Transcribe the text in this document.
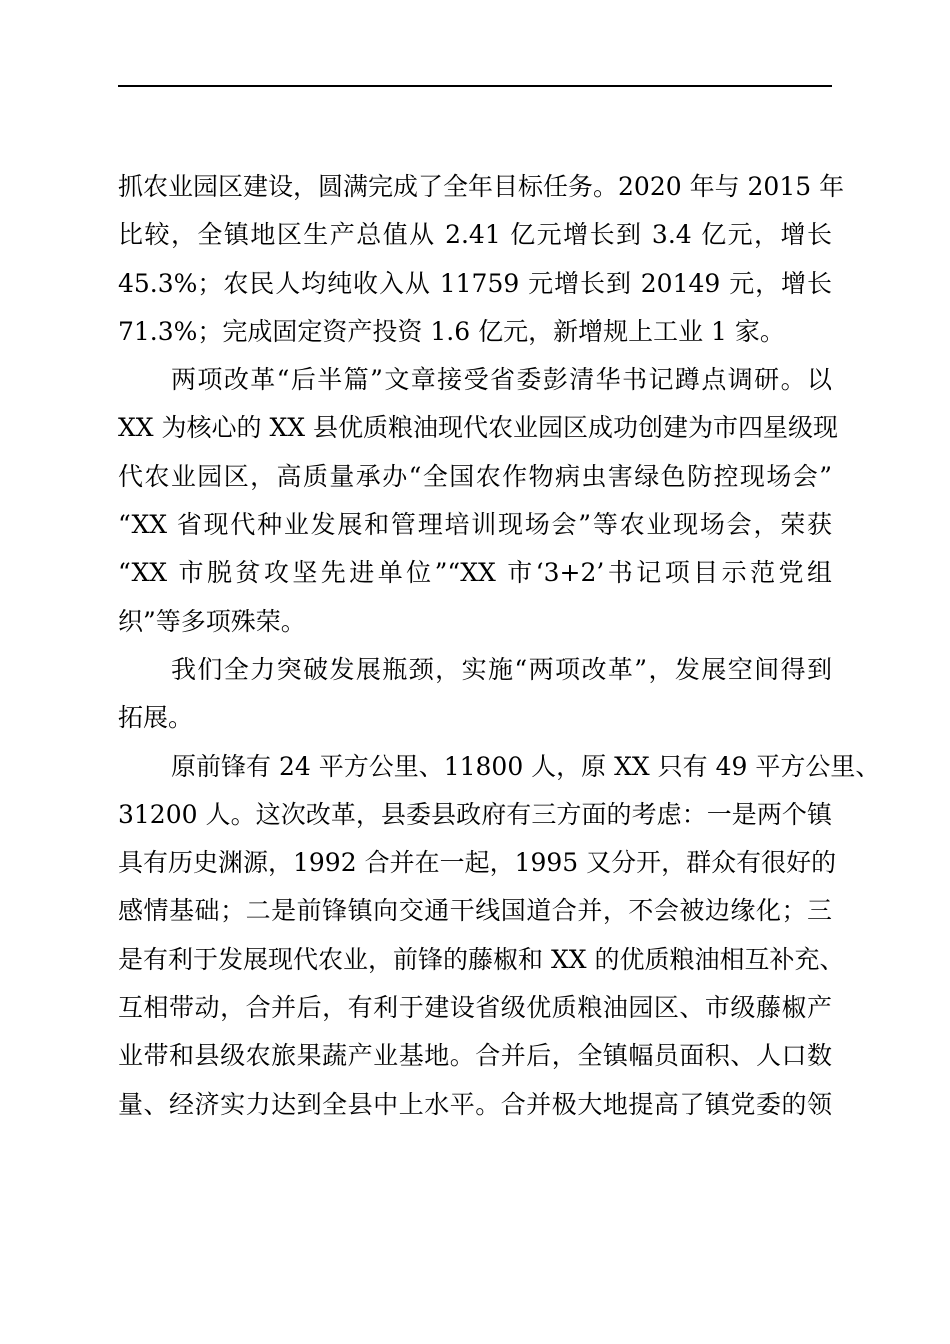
抓农业园区建设，圆满完成了全年目标任务。2020 年与 2015 年
比较，全镇地区生产总值从 2.41 亿元增长到 3.4 亿元，增长
45.3%；农民人均纯收入从 11759 元增长到 20149 元，增长
71.3%；完成固定资产投资 1.6 亿元，新增规上工业 1 家。
两项改革“后半篇”文章接受省委彭清华书记蹲点调研。以
XX 为核心的 XX 县优质粮油现代农业园区成功创建为市四星级现
代农业园区，高质量承办“全国农作物病虫害绿色防控现场会”
“XX 省现代种业发展和管理培训现场会”等农业现场会，荣获
“XX 市脱贫攻坚先进单位”“XX 市‘3+2’书记项目示范党组
织”等多项殊荣。
我们全力突破发展瓶颈，实施“两项改革”，发展空间得到
拓展。
原前锋有 24 平方公里、11800 人，原 XX 只有 49 平方公里、
31200 人。这次改革，县委县政府有三方面的考虑：一是两个镇
具有历史渊源，1992 合并在一起，1995 又分开，群众有很好的
感情基础；二是前锋镇向交通干线国道合并，不会被边缘化；三
是有利于发展现代农业，前锋的藤椒和 XX 的优质粮油相互补充、
互相带动，合并后，有利于建设省级优质粮油园区、市级藤椒产
业带和县级农旅果蔬产业基地。合并后，全镇幅员面积、人口数
量、经济实力达到全县中上水平。合并极大地提高了镇党委的领
